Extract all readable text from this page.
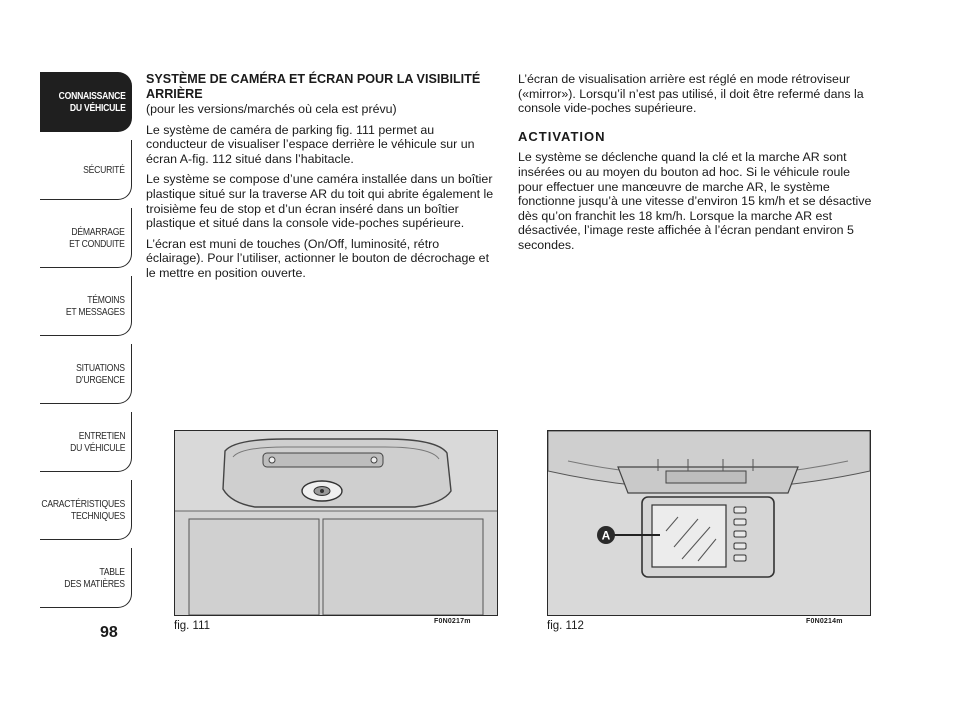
CONNAISSANCE
DU VÉHICULE
SÉCURITÉ
DÉMARRAGE
ET CONDUITE
TÉMOINS
ET MESSAGES
SITUATIONS
D’URGENCE
ENTRETIEN
DU VÉHICULE
CARACTÉRISTIQUES
TECHNIQUES
TABLE
DES MATIÈRES
98
SYSTÈME DE CAMÉRA ET ÉCRAN POUR LA VISIBILITÉ ARRIÈRE
(pour les versions/marchés où cela est prévu)

Le système de caméra de parking fig. 111 permet au conducteur de visualiser l’espace derrière le véhicule sur un écran A-fig. 112 situé dans l’habitacle.

Le système se compose d’une caméra installée dans un boîtier plastique situé sur la traverse AR du toit qui abrite également le troisième feu de stop et d’un écran inséré dans un boîtier plastique et situé dans la console vide-poches supérieure.

L’écran est muni de touches (On/Off, luminosité, rétro éclairage). Pour l’utiliser, actionner le bouton de décrochage et le mettre en position ouverte.

L’écran de visualisation arrière est réglé en mode rétroviseur («mirror»). Lorsqu’il n’est pas utilisé, il doit être refermé dans la console vide-poches supérieure.

ACTIVATION

Le système se déclenche quand la clé et la marche AR sont insérées ou au moyen du bouton ad hoc. Si le véhicule roule pour effectuer une manœuvre de marche AR, le système fonctionne jusqu’à une vitesse d’environ 15 km/h et se désactive dès qu’on franchit les 18 km/h. Lorsque la marche AR est désactivée, l’image reste affichée à l’écran pendant environ 5 secondes.

fig. 111	F0N0217m
A
fig. 112	F0N0214m
